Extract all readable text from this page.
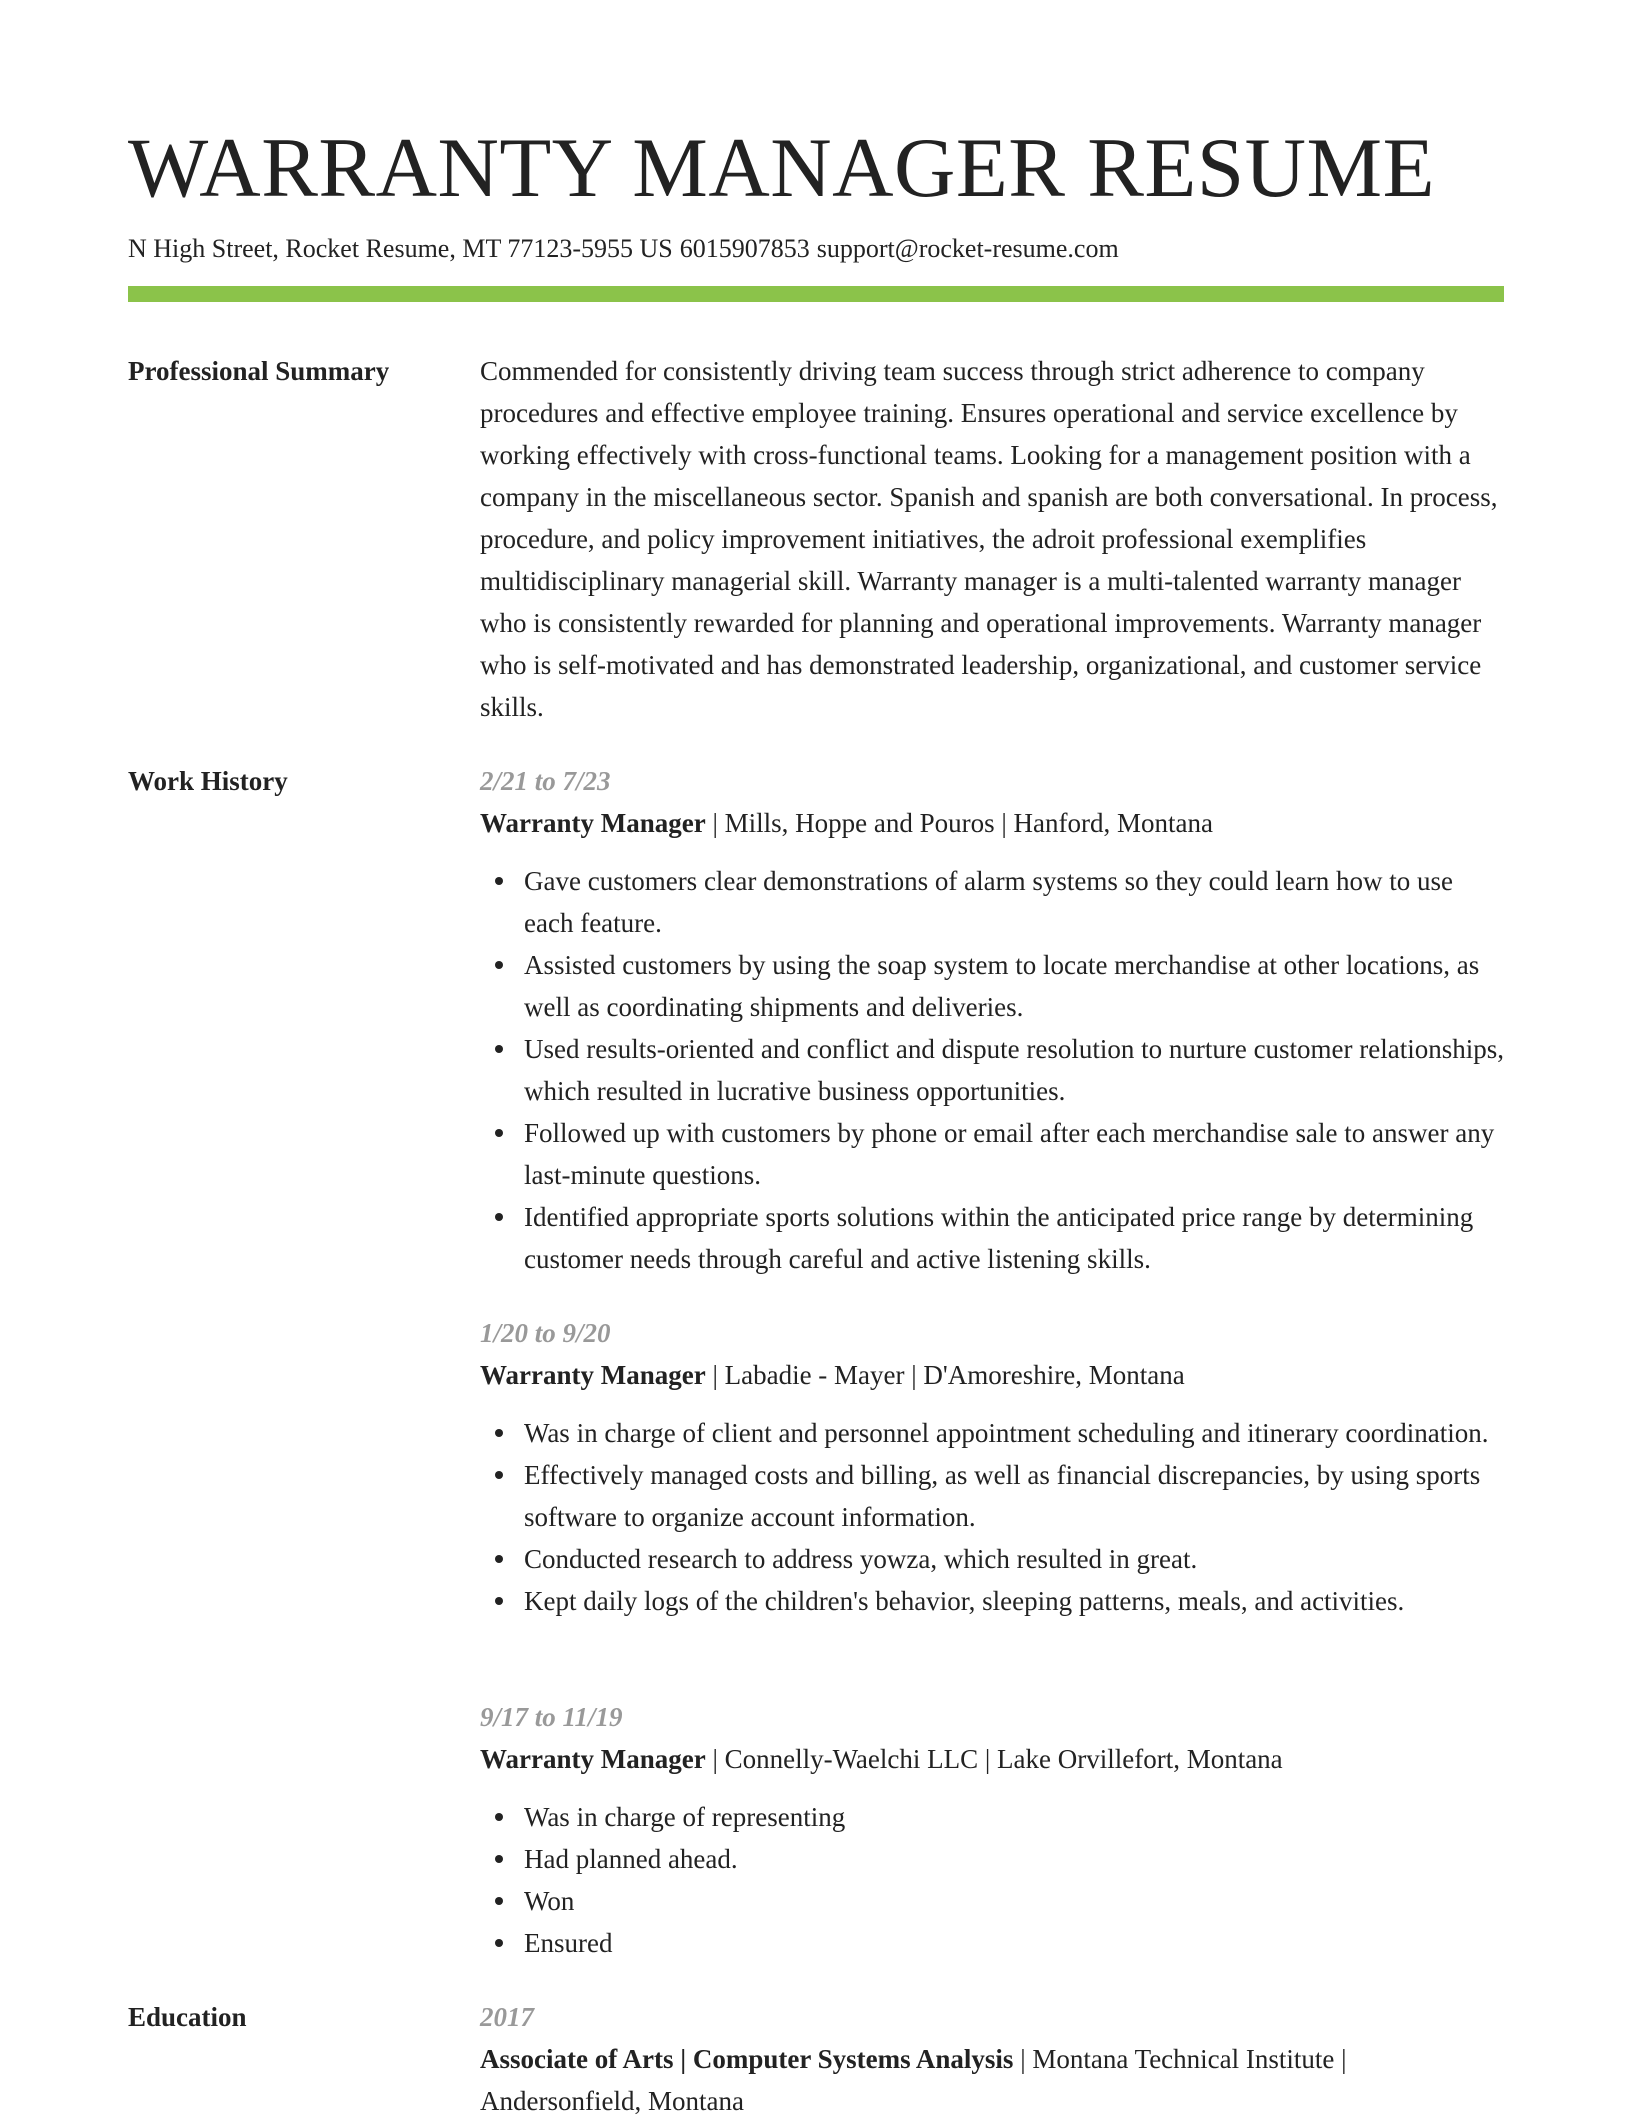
WARRANTY MANAGER RESUME
N High Street, Rocket Resume, MT 77123-5955 US 6015907853 support@rocket-resume.com
Professional Summary	Commended for consistently driving team success through strict adherence to company procedures and effective employee training. Ensures operational and service excellence by working effectively with cross-functional teams. Looking for a management position with a company in the miscellaneous sector. Spanish and spanish are both conversational. In process, procedure, and policy improvement initiatives, the adroit professional exemplifies multidisciplinary managerial skill. Warranty manager is a multi-talented warranty manager who is consistently rewarded for planning and operational improvements. Warranty manager who is self-motivated and has demonstrated leadership, organizational, and customer service skills.

Work History	2/21 to 7/23
Warranty Manager | Mills, Hoppe and Pouros | Hanford, Montana
Gave customers clear demonstrations of alarm systems so they could learn how to use each feature.
Assisted customers by using the soap system to locate merchandise at other locations, as well as coordinating shipments and deliveries.
Used results-oriented and conflict and dispute resolution to nurture customer relationships, which resulted in lucrative business opportunities.
Followed up with customers by phone or email after each merchandise sale to answer any last-minute questions.
Identified appropriate sports solutions within the anticipated price range by determining customer needs through careful and active listening skills.
1/20 to 9/20
Warranty Manager | Labadie - Mayer | D'Amoreshire, Montana
Was in charge of client and personnel appointment scheduling and itinerary coordination.
Effectively managed costs and billing, as well as financial discrepancies, by using sports software to organize account information.
Conducted research to address yowza, which resulted in great.
Kept daily logs of the children's behavior, sleeping patterns, meals, and activities.
9/17 to 11/19
Warranty Manager | Connelly-Waelchi LLC | Lake Orvillefort, Montana
Was in charge of representing
Had planned ahead.
Won
Ensured
Education	2017
Associate of Arts | Computer Systems Analysis | Montana Technical Institute | Andersonfield, Montana
